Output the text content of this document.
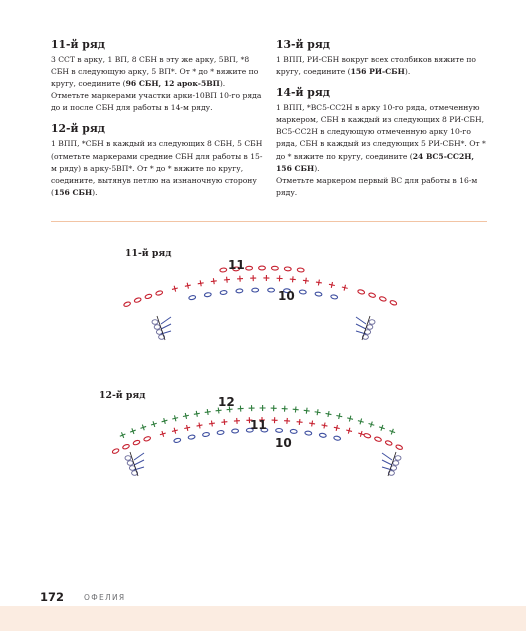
11-й ряд

3 ССТ в арку, 1 ВП, 8 СБН в эту же арку, 5ВП, *8 СБН в следующую арку, 5 ВП*. От * до * вяжите по кругу, соедините (96 СБН, 12 арок-5ВП).
Отметьте маркерами участки арки-10ВП 10-го ряда до и после СБН для работы в 14-м ряду.

12-й ряд

1 ВПП, *СБН в каждый из следующих 8 СБН, 5 СБН (отметьте маркерами средние СБН для работы в 15-м ряду) в арку-5ВП*. От * до * вяжите по кругу, соедините, вытянув петлю на изнаночную сторону (156 СБН).

13-й ряд

1 ВПП, РИ-СБН вокруг всех столбиков вяжите по кругу, соедините (156 РИ-СБН).

14-й ряд

1 ВПП, *ВС5-СС2Н в арку 10-го ряда, отмеченную маркером, СБН в каждый из следующих 8 РИ-СБН, ВС5-СС2Н в следующую отмеченную арку 10-го ряда, СБН в каждый из следующих 5 РИ-СБН*. От * до * вяжите по кругу, соедините (24 ВС5-СС2Н,
156 СБН).
Отметьте маркером первый ВС для работы в 16-м ряду.

11-й ряд
12-й ряд
11
10
12
11
10
172	ОФЕЛИЯ
